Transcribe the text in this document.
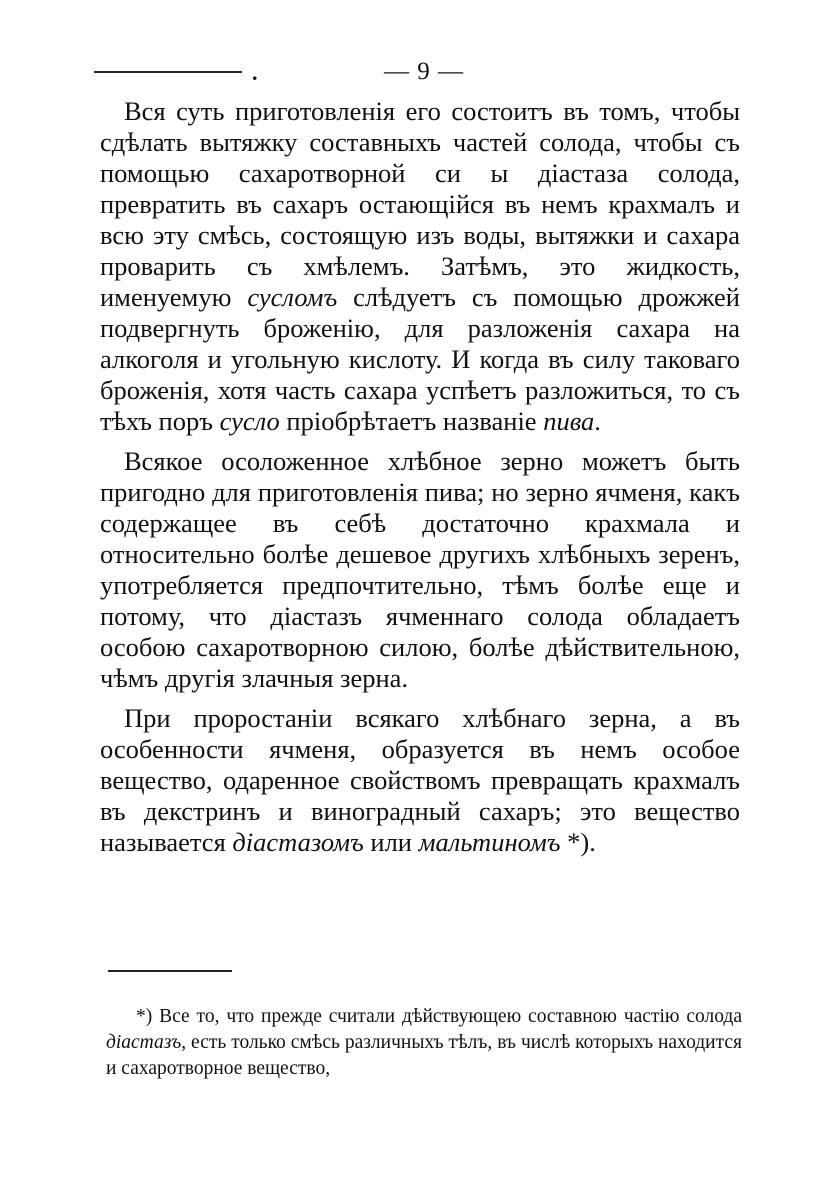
.	— 9 —

Вся суть приготовленія его состоитъ въ томъ, чтобы сдѣлать вытяжку составныхъ частей солода, чтобы съ помощью сахаротворной си ы діастаза солода, превратить въ сахаръ остающійся въ немъ крахмалъ и всю эту смѣсь, состоящую изъ воды, вытяжки и сахара проварить съ хмѣлемъ. Затѣмъ, это жидкость, именуемую сусломъ слѣдуетъ съ помощью дрожжей подвергнуть броженію, для разложенія сахара на алкоголя и угольную кислоту. И когда въ силу таковаго броженія, хотя часть сахара успѣетъ разложиться, то съ тѣхъ поръ сусло пріобрѣтаетъ названіе пива.

Всякое осоложенное хлѣбное зерно можетъ быть пригодно для приготовленія пива; но зерно ячменя, какъ содержащее въ себѣ достаточно крахмала и относительно болѣе дешевое другихъ хлѣбныхъ зеренъ, употребляется предпочтительно, тѣмъ болѣе еще и потому, что діастазъ ячменнаго солода обладаетъ особою сахаротворною силою, болѣе дѣйствительною, чѣмъ другія злачныя зерна.

При проростаніи всякаго хлѣбнаго зерна, а въ особенности ячменя, образуется въ немъ особое вещество, одаренное свойствомъ превращать крахмалъ въ декстринъ и виноградный сахаръ; это вещество называется діастазомъ или мальтиномъ *).

*) Все то, что прежде считали дѣйствующею составною частію солода діастазъ, есть только смѣсь различныхъ тѣлъ, въ числѣ которыхъ находится и сахаротворное вещество,
